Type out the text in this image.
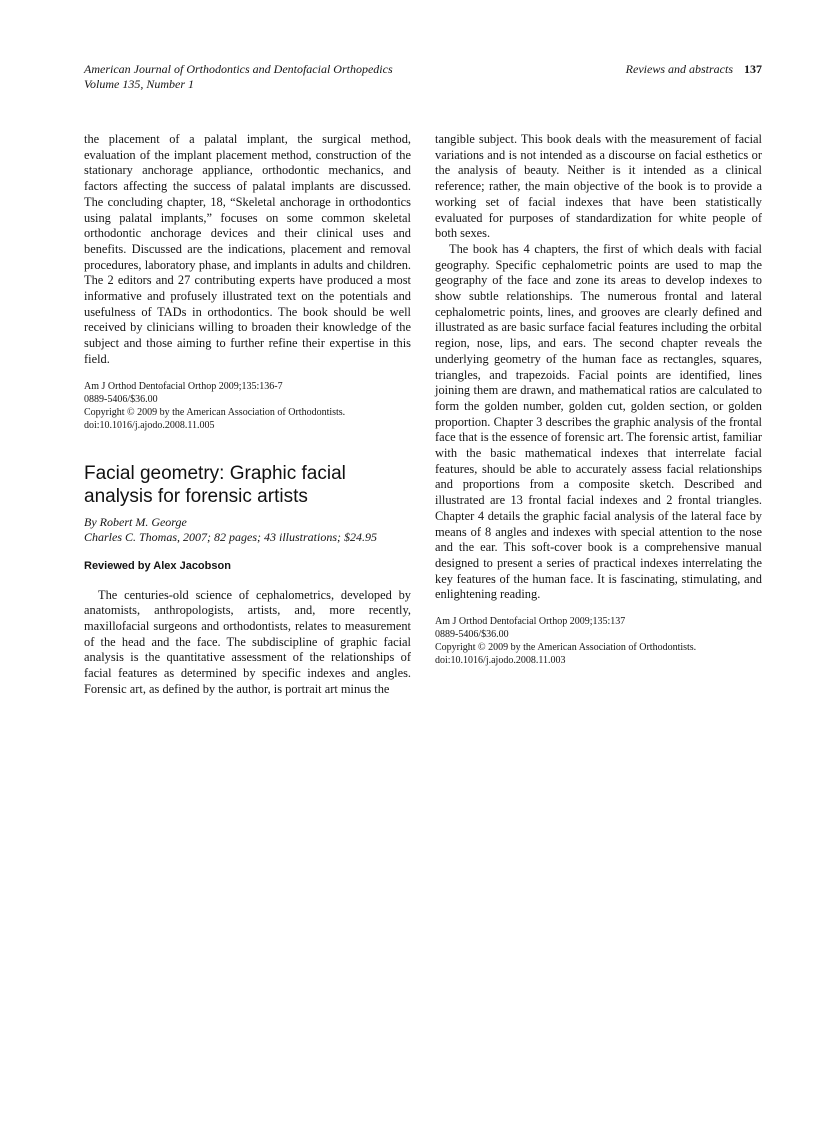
American Journal of Orthodontics and Dentofacial Orthopedics
Volume 135, Number 1
Reviews and abstracts 137

the placement of a palatal implant, the surgical method, evaluation of the implant placement method, construction of the stationary anchorage appliance, orthodontic mechanics, and factors affecting the success of palatal implants are discussed. The concluding chapter, 18, “Skeletal anchorage in orthodontics using palatal implants,” focuses on some common skeletal orthodontic anchorage devices and their clinical uses and benefits. Discussed are the indications, placement and removal procedures, laboratory phase, and implants in adults and children. The 2 editors and 27 contributing experts have produced a most informative and profusely illustrated text on the potentials and usefulness of TADs in orthodontics. The book should be well received by clinicians willing to broaden their knowledge of the subject and those aiming to further refine their expertise in this field.

Am J Orthod Dentofacial Orthop 2009;135:136-7
0889-5406/$36.00
Copyright © 2009 by the American Association of Orthodontists.
doi:10.1016/j.ajodo.2008.11.005
Facial geometry: Graphic facial analysis for forensic artists
By Robert M. George
Charles C. Thomas, 2007; 82 pages; 43 illustrations; $24.95

Reviewed by Alex Jacobson

The centuries-old science of cephalometrics, developed by anatomists, anthropologists, artists, and, more recently, maxillofacial surgeons and orthodontists, relates to measurement of the head and the face. The subdiscipline of graphic facial analysis is the quantitative assessment of the relationships of facial features as determined by specific indexes and angles. Forensic art, as defined by the author, is portrait art minus the

tangible subject. This book deals with the measurement of facial variations and is not intended as a discourse on facial esthetics or the analysis of beauty. Neither is it intended as a clinical reference; rather, the main objective of the book is to provide a working set of facial indexes that have been statistically evaluated for purposes of standardization for white people of both sexes.

The book has 4 chapters, the first of which deals with facial geography. Specific cephalometric points are used to map the geography of the face and zone its areas to develop indexes to show subtle relationships. The numerous frontal and lateral cephalometric points, lines, and grooves are clearly defined and illustrated as are basic surface facial features including the orbital region, nose, lips, and ears. The second chapter reveals the underlying geometry of the human face as rectangles, squares, triangles, and trapezoids. Facial points are identified, lines joining them are drawn, and mathematical ratios are calculated to form the golden number, golden cut, golden section, or golden proportion. Chapter 3 describes the graphic analysis of the frontal face that is the essence of forensic art. The forensic artist, familiar with the basic mathematical indexes that interrelate facial features, should be able to accurately assess facial relationships and proportions from a composite sketch. Described and illustrated are 13 frontal facial indexes and 2 frontal triangles. Chapter 4 details the graphic facial analysis of the lateral face by means of 8 angles and indexes with special attention to the nose and the ear. This soft-cover book is a comprehensive manual designed to present a series of practical indexes interrelating the key features of the human face. It is fascinating, stimulating, and enlightening reading.

Am J Orthod Dentofacial Orthop 2009;135:137
0889-5406/$36.00
Copyright © 2009 by the American Association of Orthodontists.
doi:10.1016/j.ajodo.2008.11.003
